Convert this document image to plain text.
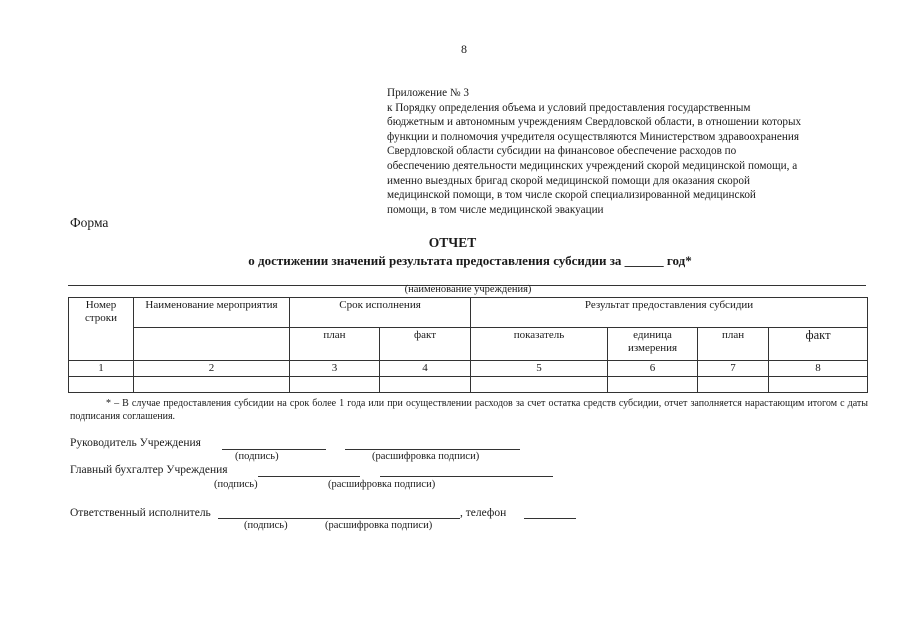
8
Приложение № 3
к Порядку определения объема и условий предоставления государственным
бюджетным и автономным учреждениям Свердловской области, в отношении которых
функции и полномочия учредителя осуществляются Министерством здравоохранения
Свердловской области субсидии на финансовое обеспечение расходов по
обеспечению деятельности медицинских учреждений скорой медицинской помощи, а
именно выездных бригад скорой медицинской помощи для оказания скорой
медицинской помощи, в том числе скорой специализированной медицинской
помощи, в том числе медицинской эвакуации
Форма
ОТЧЕТ
о достижении значений результата предоставления субсидии за ______ год*
(наименование учреждения)
Номер строки	Наименование мероприятия	Срок исполнения		Результат предоставления субсидии			
		план	факт	показатель	единица измерения	план	факт
1	2	3	4	5	6	7	8

* – В случае предоставления субсидии на срок более 1 года или при осуществлении расходов за счет остатка средств субсидии, отчет заполняется нарастающим итогом с даты подписания соглашения.
Руководитель Учреждения
(подпись)	(расшифровка подписи)
Главный бухгалтер Учреждения
(подпись)	(расшифровка подписи)
Ответственный исполнитель	, телефон
(подпись)	(расшифровка подписи)
